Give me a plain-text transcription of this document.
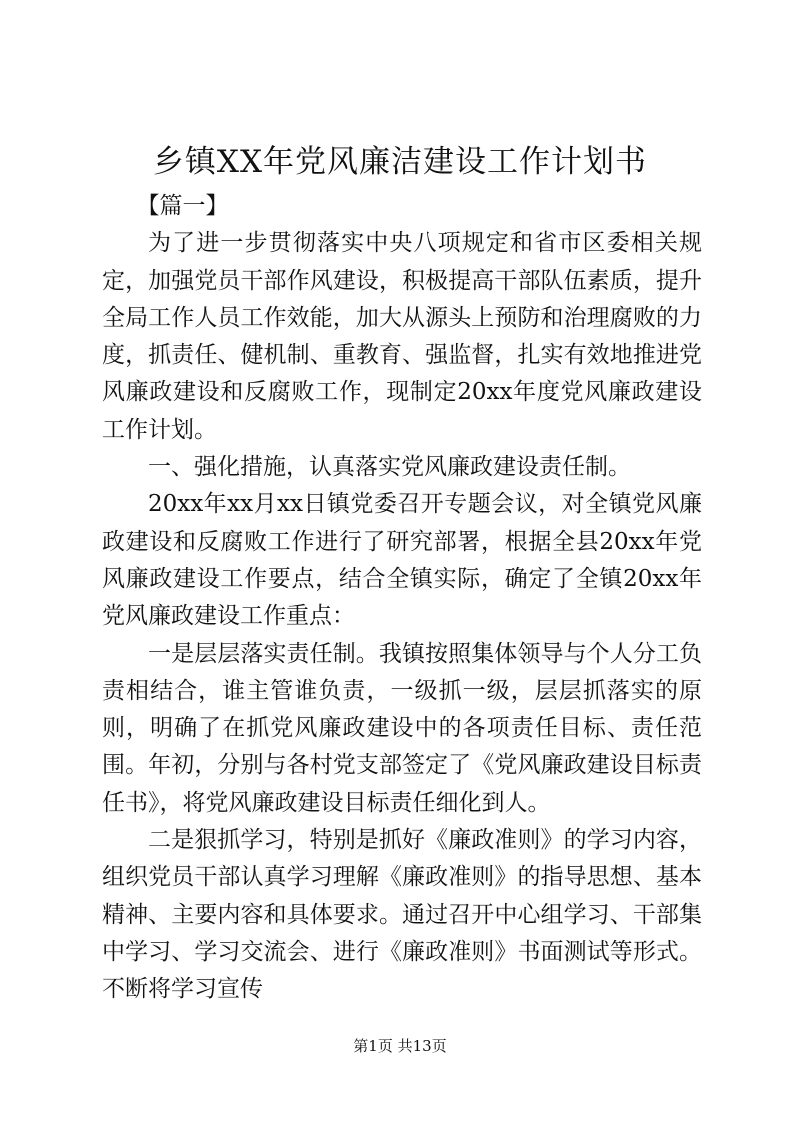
乡镇XX年党风廉洁建设工作计划书

【篇一】

为了进一步贯彻落实中央八项规定和省市区委相关规定，加强党员干部作风建设，积极提高干部队伍素质，提升全局工作人员工作效能，加大从源头上预防和治理腐败的力度，抓责任、健机制、重教育、强监督，扎实有效地推进党风廉政建设和反腐败工作，现制定20xx年度党风廉政建设工作计划。

一、强化措施，认真落实党风廉政建设责任制。

20xx年xx月xx日镇党委召开专题会议，对全镇党风廉政建设和反腐败工作进行了研究部署，根据全县20xx年党风廉政建设工作要点，结合全镇实际，确定了全镇20xx年党风廉政建设工作重点：

一是层层落实责任制。我镇按照集体领导与个人分工负责相结合，谁主管谁负责，一级抓一级，层层抓落实的原则，明确了在抓党风廉政建设中的各项责任目标、责任范围。年初，分别与各村党支部签定了《党风廉政建设目标责任书》，将党风廉政建设目标责任细化到人。

二是狠抓学习，特别是抓好《廉政准则》的学习内容，组织党员干部认真学习理解《廉政准则》的指导思想、基本精神、主要内容和具体要求。通过召开中心组学习、干部集中学习、学习交流会、进行《廉政准则》书面测试等形式。不断将学习宣传

第1页 共13页
